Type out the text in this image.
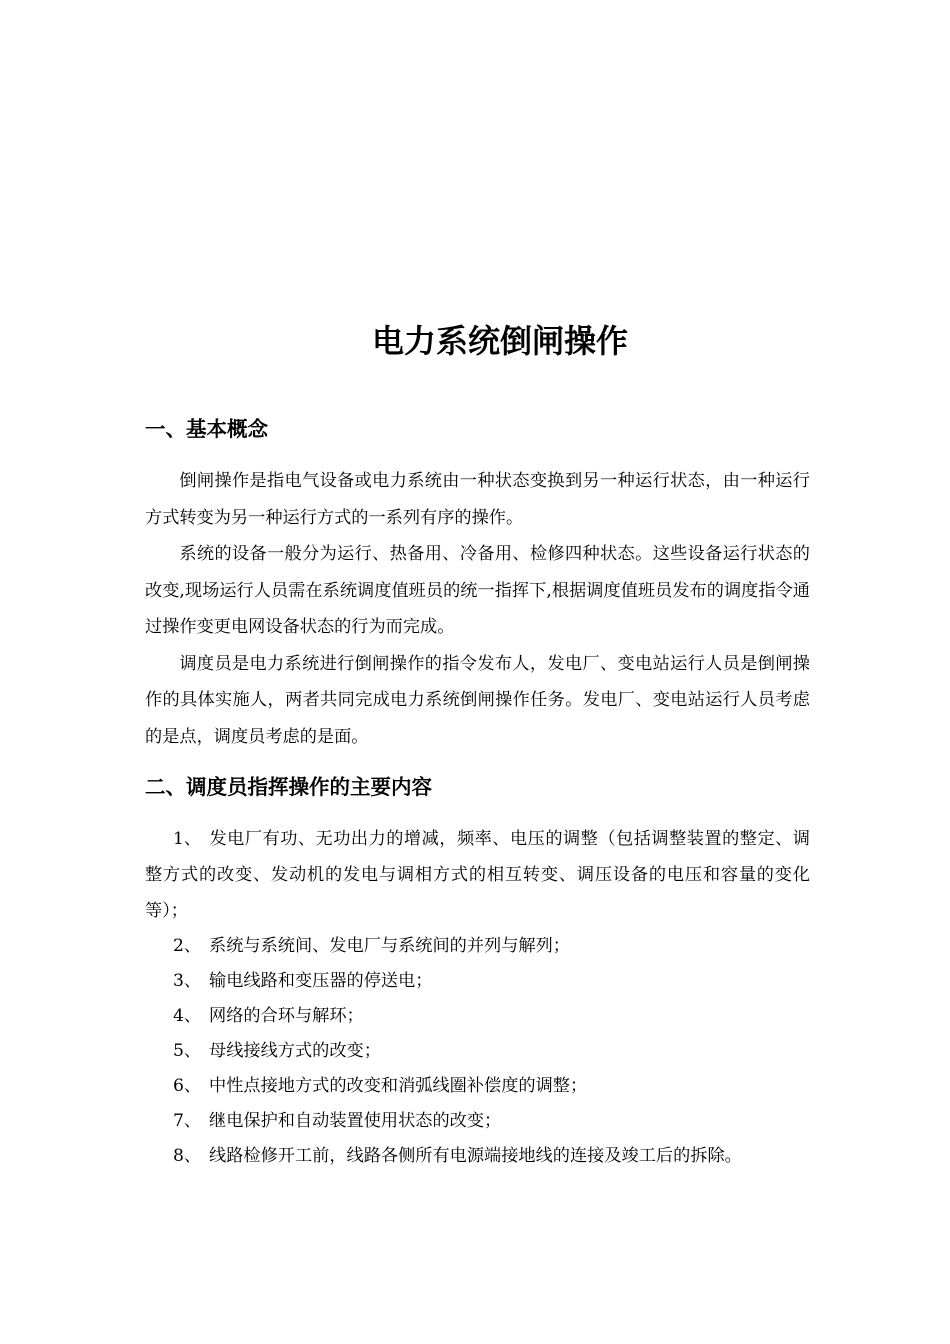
电力系统倒闸操作
一、基本概念

倒闸操作是指电气设备或电力系统由一种状态变换到另一种运行状态，由一种运行方式转变为另一种运行方式的一系列有序的操作。

系统的设备一般分为运行、热备用、冷备用、检修四种状态。这些设备运行状态的改变,现场运行人员需在系统调度值班员的统一指挥下,根据调度值班员发布的调度指令通过操作变更电网设备状态的行为而完成。

调度员是电力系统进行倒闸操作的指令发布人，发电厂、变电站运行人员是倒闸操作的具体实施人，两者共同完成电力系统倒闸操作任务。发电厂、变电站运行人员考虑的是点，调度员考虑的是面。

二、调度员指挥操作的主要内容

1、 发电厂有功、无功出力的增减，频率、电压的调整（包括调整装置的整定、调整方式的改变、发动机的发电与调相方式的相互转变、调压设备的电压和容量的变化等）；

2、 系统与系统间、发电厂与系统间的并列与解列；

3、 输电线路和变压器的停送电；

4、 网络的合环与解环；

5、 母线接线方式的改变；

6、 中性点接地方式的改变和消弧线圈补偿度的调整；

7、 继电保护和自动装置使用状态的改变；

8、 线路检修开工前，线路各侧所有电源端接地线的连接及竣工后的拆除。
